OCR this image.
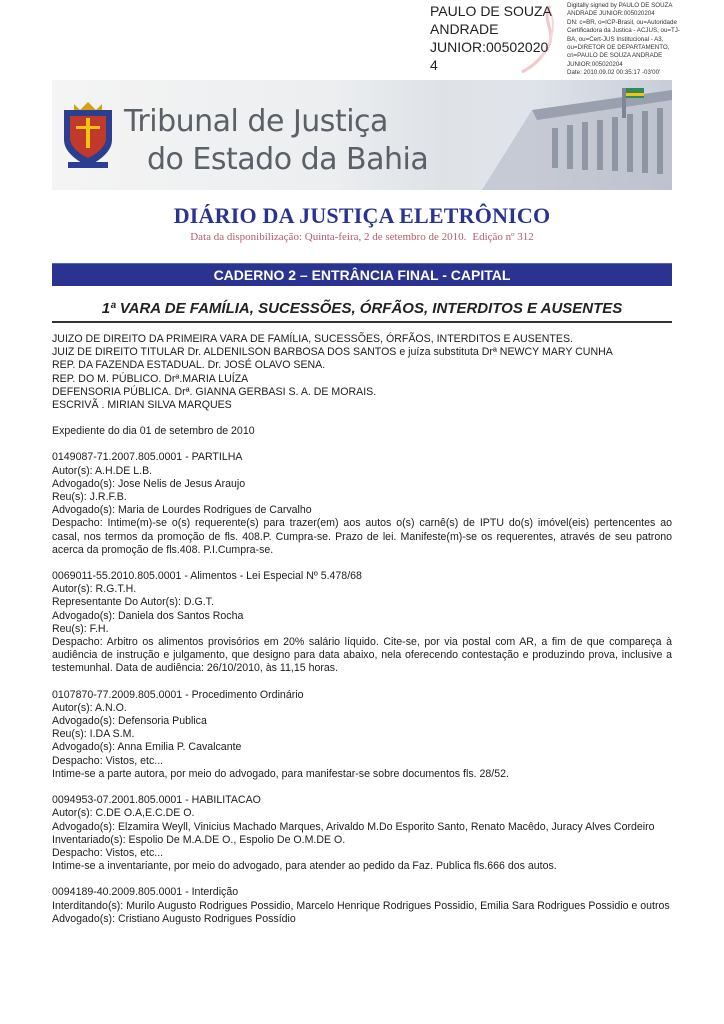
PAULO DE SOUZA
ANDRADE
JUNIOR:00502020
4
Digitally signed by PAULO DE SOUZA
ANDRADE JUNIOR:005020204
DN: c=BR, o=ICP-Brasil, ou=Autoridade
Certificadora da Justica - ACJUS, ou=TJ-
BA, ou=Cert-JUS Institucional - A3,
ou=DIRETOR DE DEPARTAMENTO,
cn=PAULO DE SOUZA ANDRADE
JUNIOR:005020204
Date: 2010.09.02 00:35:17 -03'00'
Tribunal de Justiça
do Estado da Bahia
DIÁRIO DA JUSTIÇA ELETRÔNICO
Data da disponibilização: Quinta-feira, 2 de setembro de 2010. Edição nº 312
CADERNO 2 – ENTRÂNCIA FINAL - CAPITAL
1ª VARA DE FAMÍLIA, SUCESSÕES, ÓRFÃOS, INTERDITOS E AUSENTES

JUIZO DE DIREITO DA PRIMEIRA VARA DE FAMÍLIA, SUCESSÕES, ÓRFÃOS, INTERDITOS E AUSENTES.

JUIZ DE DIREITO TITULAR Dr. ALDENILSON BARBOSA DOS SANTOS e juíza substituta Drª NEWCY MARY CUNHA

REP. DA FAZENDA ESTADUAL. Dr. JOSÉ OLAVO SENA.

REP. DO M. PÚBLICO. Drª.MARIA LUÍZA

DEFENSORIA PÚBLICA. Drª. GIANNA GERBASI S. A. DE MORAIS.

ESCRIVÃ . MIRIAN SILVA MARQUES

Expediente do dia 01 de setembro de 2010

0149087-71.2007.805.0001 - PARTILHA

Autor(s): A.H.DE L.B.

Advogado(s): Jose Nelis de Jesus Araujo

Reu(s): J.R.F.B.

Advogado(s): Maria de Lourdes Rodrigues de Carvalho

Despacho: Intime(m)-se o(s) requerente(s) para trazer(em) aos autos o(s) carnê(s) de IPTU do(s) imóvel(eis) pertencentes ao casal, nos termos da promoção de fls. 408.P. Cumpra-se. Prazo de lei. Manifeste(m)-se os requerentes, através de seu patrono acerca da promoção de fls.408. P.I.Cumpra-se.

0069011-55.2010.805.0001 - Alimentos - Lei Especial Nº 5.478/68

Autor(s): R.G.T.H.

Representante Do Autor(s): D.G.T.

Advogado(s): Daniela dos Santos Rocha

Reu(s): F.H.

Despacho: Arbitro os alimentos provisórios em 20% salário líquido. Cite-se, por via postal com AR, a fim de que compareça à audiência de instrução e julgamento, que designo para data abaixo, nela oferecendo contestação e produzindo prova, inclusive a testemunhal. Data de audiência: 26/10/2010, às 11,15 horas.

0107870-77.2009.805.0001 - Procedimento Ordinário

Autor(s): A.N.O.

Advogado(s): Defensoria Publica

Reu(s): I.DA S.M.

Advogado(s): Anna Emilia P. Cavalcante

Despacho: Vistos, etc...

Intime-se a parte autora, por meio do advogado, para manifestar-se sobre documentos fls. 28/52.

0094953-07.2001.805.0001 - HABILITACAO

Autor(s): C.DE O.A,E.C.DE O.

Advogado(s): Elzamira Weyll, Vinicius Machado Marques, Arivaldo M.Do Esporito Santo, Renato Macêdo, Juracy Alves Cordeiro

Inventariado(s): Espolio De M.A.DE O., Espolio De O.M.DE O.

Despacho: Vistos, etc...

Intime-se a inventariante, por meio do advogado, para atender ao pedido da Faz. Publica fls.666 dos autos.

0094189-40.2009.805.0001 - Interdição

Interditando(s): Murilo Augusto Rodrigues Possidio, Marcelo Henrique Rodrigues Possidio, Emilia Sara Rodrigues Possidio e outros

Advogado(s): Cristiano Augusto Rodrigues Possídio
